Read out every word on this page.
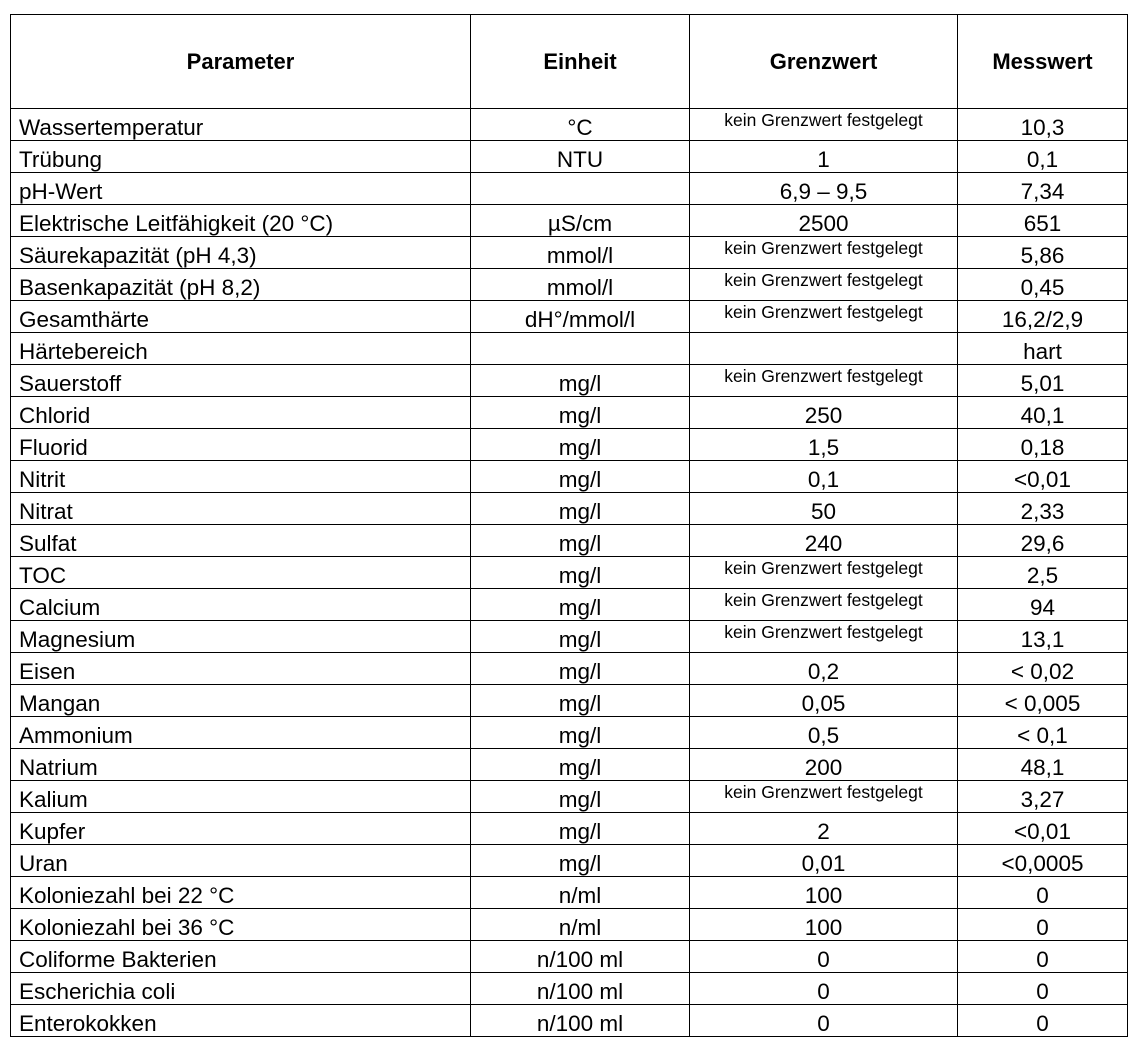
Parameter	Einheit	Grenzwert	Messwert
Wassertemperatur	°C	kein Grenzwert festgelegt	10,3
Trübung	NTU	1	0,1
pH-Wert		6,9 – 9,5	7,34
Elektrische Leitfähigkeit (20 °C)	µS/cm	2500	651
Säurekapazität (pH 4,3)	mmol/l	kein Grenzwert festgelegt	5,86
Basenkapazität (pH 8,2)	mmol/l	kein Grenzwert festgelegt	0,45
Gesamthärte	dH°/mmol/l	kein Grenzwert festgelegt	16,2/2,9
Härtebereich			hart
Sauerstoff	mg/l	kein Grenzwert festgelegt	5,01
Chlorid	mg/l	250	40,1
Fluorid	mg/l	1,5	0,18
Nitrit	mg/l	0,1	<0,01
Nitrat	mg/l	50	2,33
Sulfat	mg/l	240	29,6
TOC	mg/l	kein Grenzwert festgelegt	2,5
Calcium	mg/l	kein Grenzwert festgelegt	94
Magnesium	mg/l	kein Grenzwert festgelegt	13,1
Eisen	mg/l	0,2	< 0,02
Mangan	mg/l	0,05	< 0,005
Ammonium	mg/l	0,5	< 0,1
Natrium	mg/l	200	48,1
Kalium	mg/l	kein Grenzwert festgelegt	3,27
Kupfer	mg/l	2	<0,01
Uran	mg/l	0,01	<0,0005
Koloniezahl bei 22 °C	n/ml	100	0
Koloniezahl bei 36 °C	n/ml	100	0
Coliforme Bakterien	n/100 ml	0	0
Escherichia coli	n/100 ml	0	0
Enterokokken	n/100 ml	0	0
